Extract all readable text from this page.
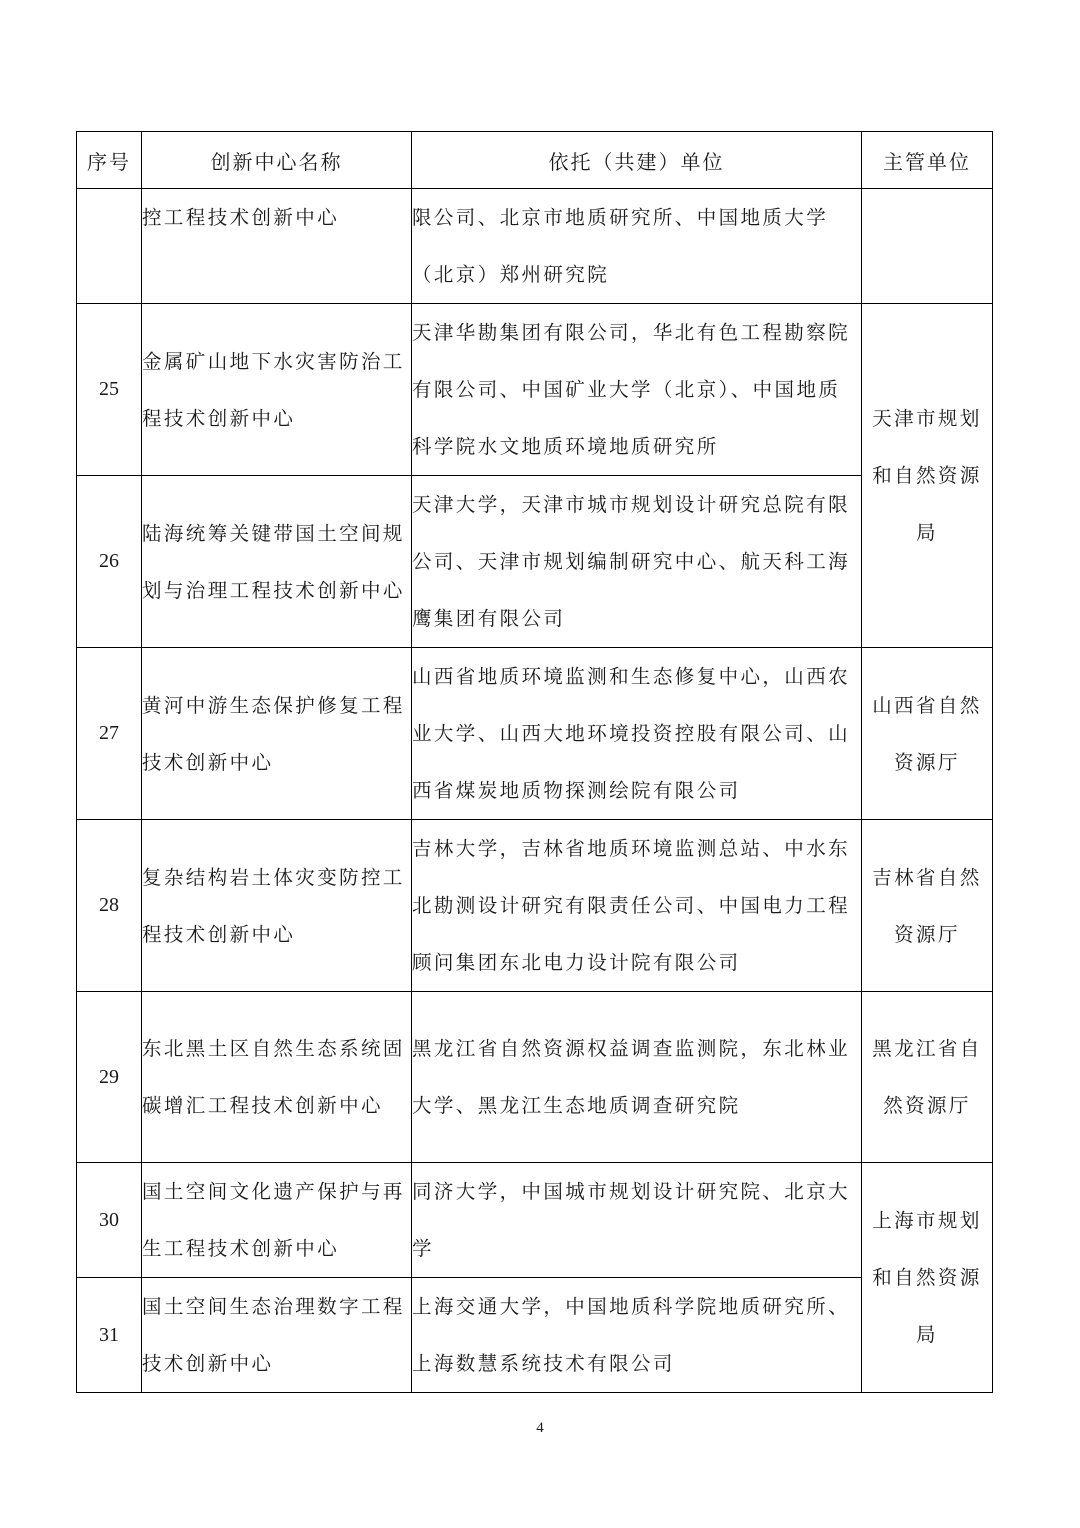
序号	创新中心名称	依托（共建）单位	主管单位
	控工程技术创新中心	限公司、北京市地质研究所、中国地质大学（北京）郑州研究院	
25	金属矿山地下水灾害防治工程技术创新中心	天津华勘集团有限公司，华北有色工程勘察院有限公司、中国矿业大学（北京）、中国地质科学院水文地质环境地质研究所	天津市规划和自然资源局
26	陆海统筹关键带国土空间规划与治理工程技术创新中心	天津大学，天津市城市规划设计研究总院有限公司、天津市规划编制研究中心、航天科工海鹰集团有限公司	
27	黄河中游生态保护修复工程技术创新中心	山西省地质环境监测和生态修复中心，山西农业大学、山西大地环境投资控股有限公司、山西省煤炭地质物探测绘院有限公司	山西省自然资源厅
28	复杂结构岩土体灾变防控工程技术创新中心	吉林大学，吉林省地质环境监测总站、中水东北勘测设计研究有限责任公司、中国电力工程顾问集团东北电力设计院有限公司	吉林省自然资源厅
29	东北黑土区自然生态系统固碳增汇工程技术创新中心	黑龙江省自然资源权益调查监测院，东北林业大学、黑龙江生态地质调查研究院	黑龙江省自然资源厅
30	国土空间文化遗产保护与再生工程技术创新中心	同济大学，中国城市规划设计研究院、北京大学	上海市规划和自然资源局
31	国土空间生态治理数字工程技术创新中心	上海交通大学，中国地质科学院地质研究所、上海数慧系统技术有限公司	
4
